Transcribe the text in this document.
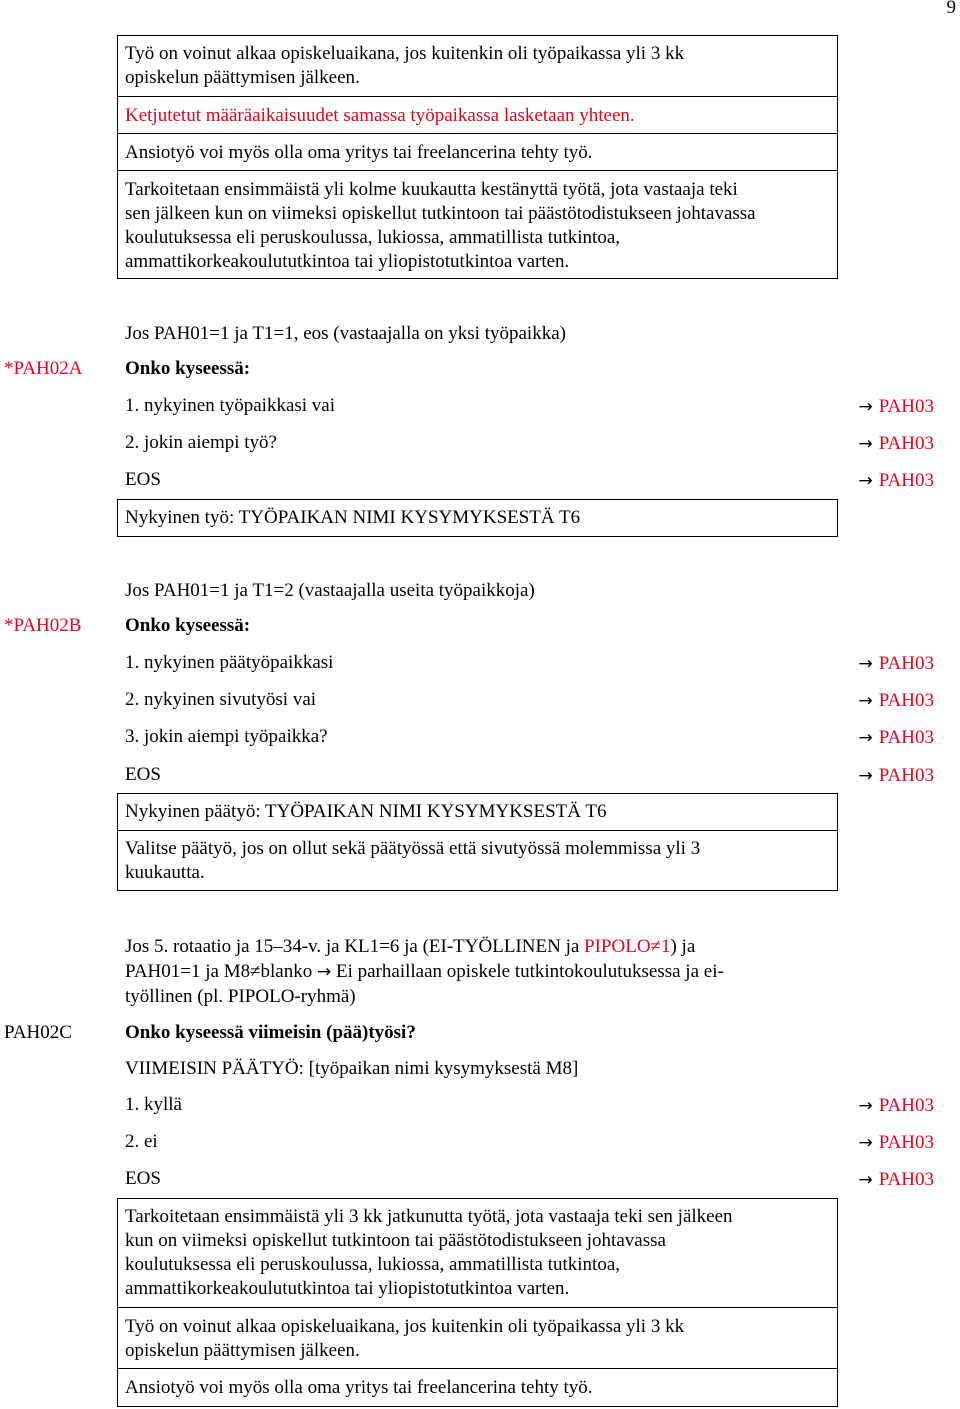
9
Työ on voinut alkaa opiskeluaikana, jos kuitenkin oli työpaikassa yli 3 kk
opiskelun päättymisen jälkeen.
Ketjutetut määräaikaisuudet samassa työpaikassa lasketaan yhteen.
Ansiotyö voi myös olla oma yritys tai freelancerina tehty työ.
Tarkoitetaan ensimmäistä yli kolme kuukautta kestänyttä työtä, jota vastaaja teki
sen jälkeen kun on viimeksi opiskellut tutkintoon tai päästötodistukseen johtavassa
koulutuksessa eli peruskoulussa, lukiossa, ammatillista tutkintoa,
ammattikorkeakoulututkintoa tai yliopistotutkintoa varten.
Jos PAH01=1 ja T1=1, eos (vastaajalla on yksi työpaikka)
*PAH02A Onko kyseessä:
1. nykyinen työpaikkasi vai	→ PAH03
2. jokin aiempi työ?	→ PAH03
EOS	→ PAH03
Nykyinen työ: TYÖPAIKAN NIMI KYSYMYKSESTÄ T6
Jos PAH01=1 ja T1=2 (vastaajalla useita työpaikkoja)
*PAH02B Onko kyseessä:
1. nykyinen päätyöpaikkasi	→ PAH03
2. nykyinen sivutyösi vai	→ PAH03
3. jokin aiempi työpaikka?	→ PAH03
EOS	→ PAH03
Nykyinen päätyö: TYÖPAIKAN NIMI KYSYMYKSESTÄ T6
Valitse päätyö, jos on ollut sekä päätyössä että sivutyössä molemmissa yli 3
kuukautta.
Jos 5. rotaatio ja 15–34-v. ja KL1=6 ja (EI-TYÖLLINEN ja PIPOLO≠1) ja
PAH01=1 ja M8≠blanko → Ei parhaillaan opiskele tutkintokoulutuksessa ja ei-
työllinen (pl. PIPOLO-ryhmä)
PAH02C	Onko kyseessä viimeisin (pää)työsi?
VIIMEISIN PÄÄTYÖ: [työpaikan nimi kysymyksestä M8]
1. kyllä	→ PAH03
2. ei	→ PAH03
EOS	→ PAH03
Tarkoitetaan ensimmäistä yli 3 kk jatkunutta työtä, jota vastaaja teki sen jälkeen
kun on viimeksi opiskellut tutkintoon tai päästötodistukseen johtavassa
koulutuksessa eli peruskoulussa, lukiossa, ammatillista tutkintoa,
ammattikorkeakoulututkintoa tai yliopistotutkintoa varten.
Työ on voinut alkaa opiskeluaikana, jos kuitenkin oli työpaikassa yli 3 kk
opiskelun päättymisen jälkeen.
Ansiotyö voi myös olla oma yritys tai freelancerina tehty työ.
